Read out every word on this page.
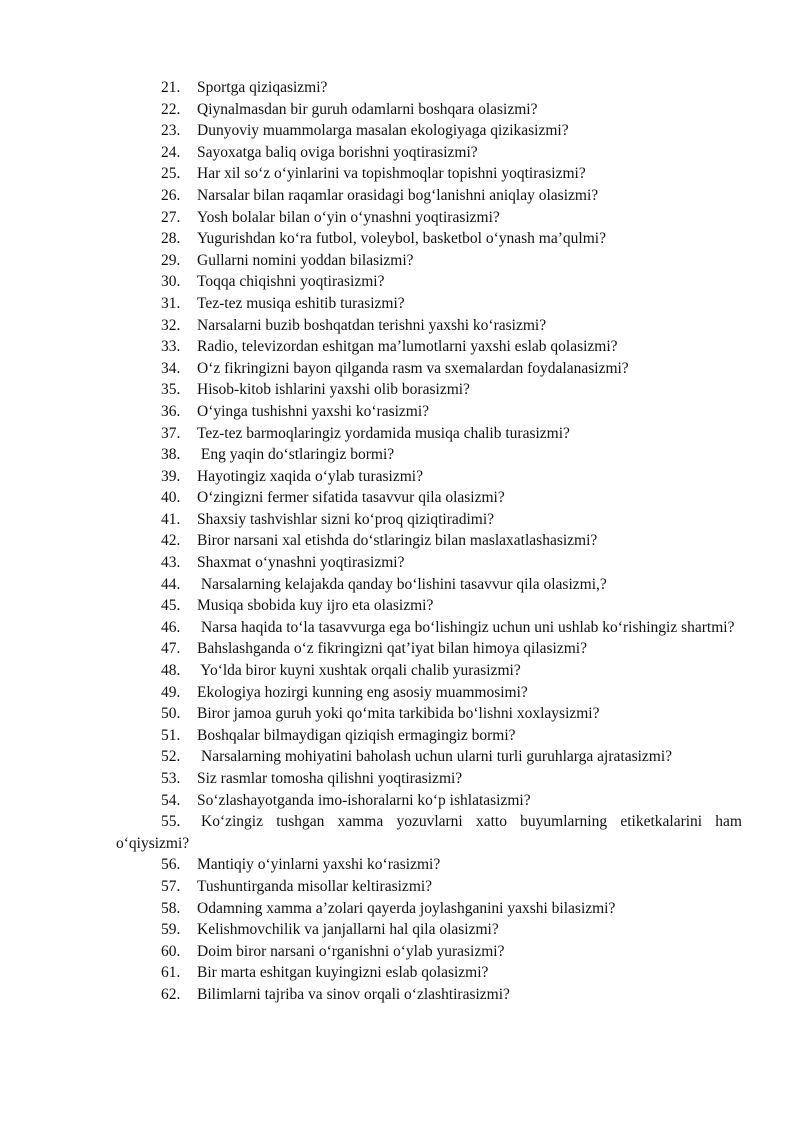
21. Sportga qiziqasizmi?
22. Qiynalmasdan bir guruh odamlarni boshqara olasizmi?
23. Dunyoviy muammolarga masalan ekologiyaga qizikasizmi?
24. Sayoxatga baliq oviga borishni yoqtirasizmi?
25. Har xil so‘z o‘yinlarini va topishmoqlar topishni yoqtirasizmi?
26. Narsalar bilan raqamlar orasidagi bog‘lanishni aniqlay olasizmi?
27. Yosh bolalar bilan o‘yin o‘ynashni yoqtirasizmi?
28. Yugurishdan ko‘ra futbol, voleybol, basketbol o‘ynash ma’qulmi?
29. Gullarni nomini yoddan bilasizmi?
30. Toqqa chiqishni yoqtirasizmi?
31. Tez-tez musiqa eshitib turasizmi?
32. Narsalarni buzib boshqatdan terishni yaxshi ko‘rasizmi?
33. Radio, televizordan eshitgan ma’lumotlarni yaxshi eslab qolasizmi?
34. O‘z fikringizni bayon qilganda rasm va sxemalardan foydalanasizmi?
35. Hisob-kitob ishlarini yaxshi olib borasizmi?
36. O‘yinga tushishni yaxshi ko‘rasizmi?
37. Tez-tez barmoqlaringiz yordamida musiqa chalib turasizmi?
38. Eng yaqin do‘stlaringiz bormi?
39. Hayotingiz xaqida o‘ylab turasizmi?
40. O‘zingizni fermer sifatida tasavvur qila olasizmi?
41. Shaxsiy tashvishlar sizni ko‘proq qiziqtiradimi?
42. Biror narsani xal etishda do‘stlaringiz bilan maslaxatlashasizmi?
43. Shaxmat o‘ynashni yoqtirasizmi?
44. Narsalarning kelajakda qanday bo‘lishini tasavvur qila olasizmi,?
45. Musiqa sbobida kuy ijro eta olasizmi?
46. Narsa haqida to‘la tasavvurga ega bo‘lishingiz uchun uni ushlab ko‘rishingiz shartmi?
47. Bahslashganda o‘z fikringizni qat’iyat bilan himoya qilasizmi?
48. Yo‘lda biror kuyni xushtak orqali chalib yurasizmi?
49. Ekologiya hozirgi kunning eng asosiy muammosimi?
50. Biror jamoa guruh yoki qo‘mita tarkibida bo‘lishni xoxlaysizmi?
51. Boshqalar bilmaydigan qiziqish ermagingiz bormi?
52. Narsalarning mohiyatini baholash uchun ularni turli guruhlarga ajratasizmi?
53. Siz rasmlar tomosha qilishni yoqtirasizmi?
54. So‘zlashayotganda imo-ishoralarni ko‘p ishlatasizmi?
55. Ko‘zingiz tushgan xamma yozuvlarni xatto buyumlarning etiketkalarini ham o‘qiysizmi?
56. Mantiqiy o‘yinlarni yaxshi ko‘rasizmi?
57. Tushuntirganda misollar keltirasizmi?
58. Odamning xamma a’zolari qayerda joylashganini yaxshi bilasizmi?
59. Kelishmovchilik va janjallarni hal qila olasizmi?
60. Doim biror narsani o‘rganishni o‘ylab yurasizmi?
61. Bir marta eshitgan kuyingizni eslab qolasizmi?
62. Bilimlarni tajriba va sinov orqali o‘zlashtirasizmi?
